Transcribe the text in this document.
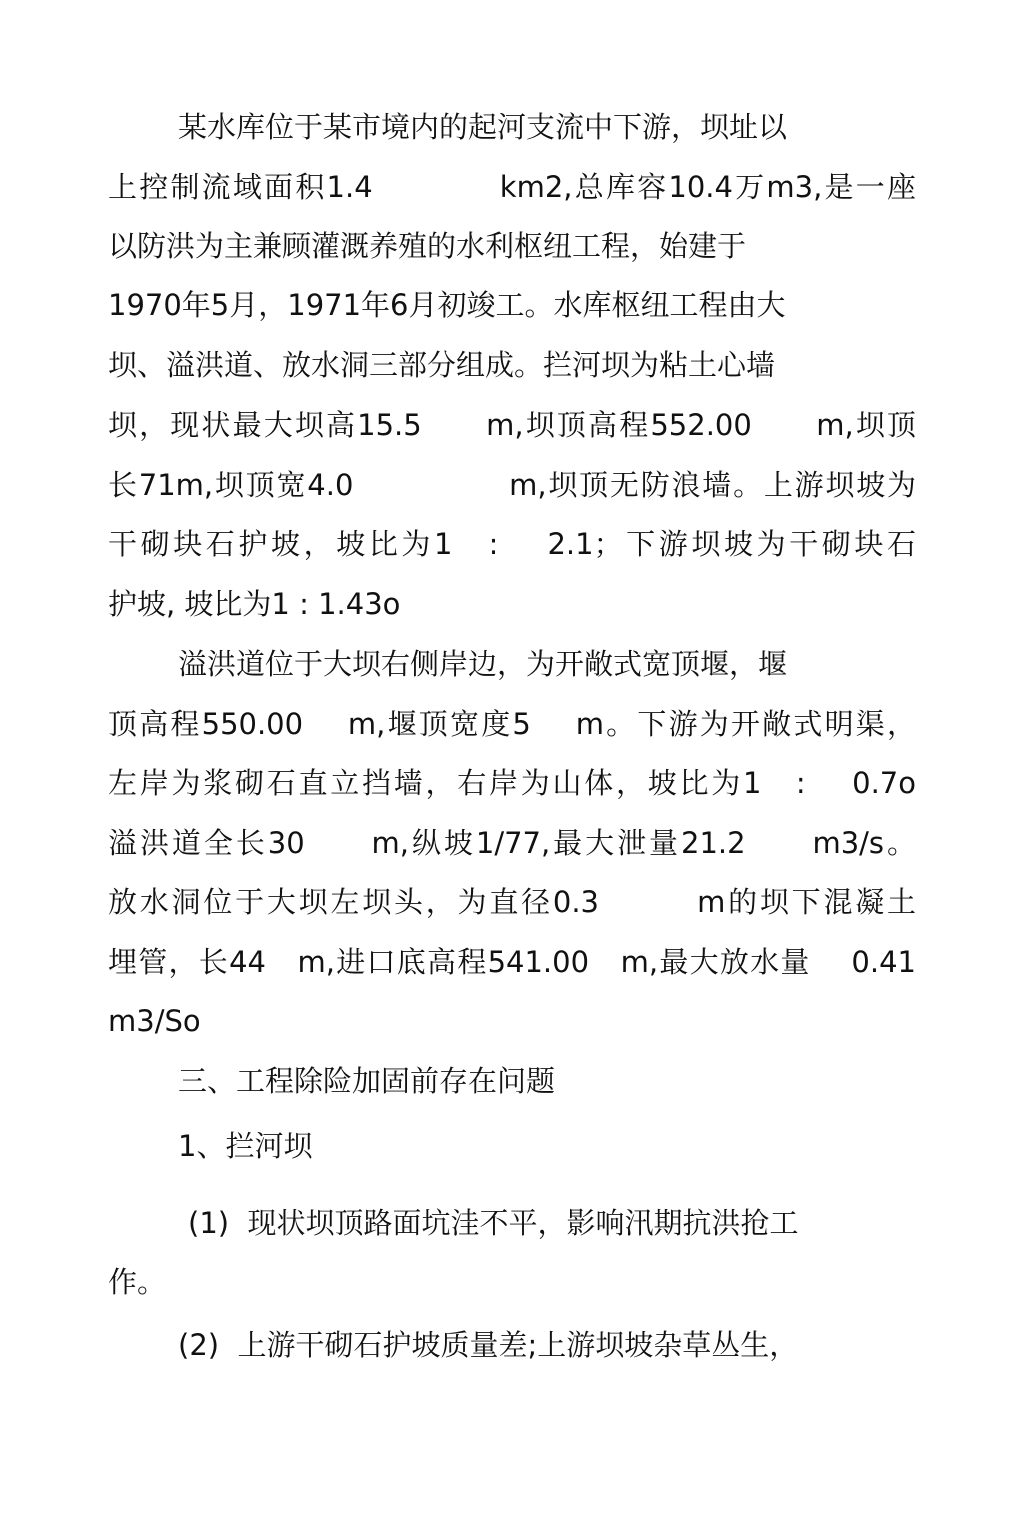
某水库位于某市境内的起河支流中下游，坝址以
上控制流域面积1.4　　　　km2,总库容10.4万m3,是一座
以防洪为主兼顾灌溉养殖的水利枢纽工程，始建于
1970年5月，1971年6月初竣工。水库枢纽工程由大
坝、溢洪道、放水洞三部分组成。拦河坝为粘土心墙
坝，现状最大坝高15.5　　m,坝顶高程552.00　　m,坝顶
长71m,坝顶宽4.0　　　　　m,坝顶无防浪墙。上游坝坡为
干砌块石护坡，坡比为1　:　 2.1；下游坝坡为干砌块石
护坡, 坡比为1 : 1.43o
溢洪道位于大坝右侧岸边，为开敞式宽顶堰，堰
顶高程550.00　 m,堰顶宽度5　 m。下游为开敞式明渠，
左岸为浆砌石直立挡墙，右岸为山体，坡比为1　:　 0.7o
溢洪道全长30　　m,纵坡1/77,最大泄量21.2　　m3/s。
放水洞位于大坝左坝头，为直径0.3　　　m的坝下混凝土
埋管，长44　m,进口底高程541.00　m,最大放水量　 0.41
m3/So
三、工程除险加固前存在问题
1、拦河坝
(1)  现状坝顶路面坑洼不平，影响汛期抗洪抢工
作。
(2)  上游干砌石护坡质量差;上游坝坡杂草丛生，
